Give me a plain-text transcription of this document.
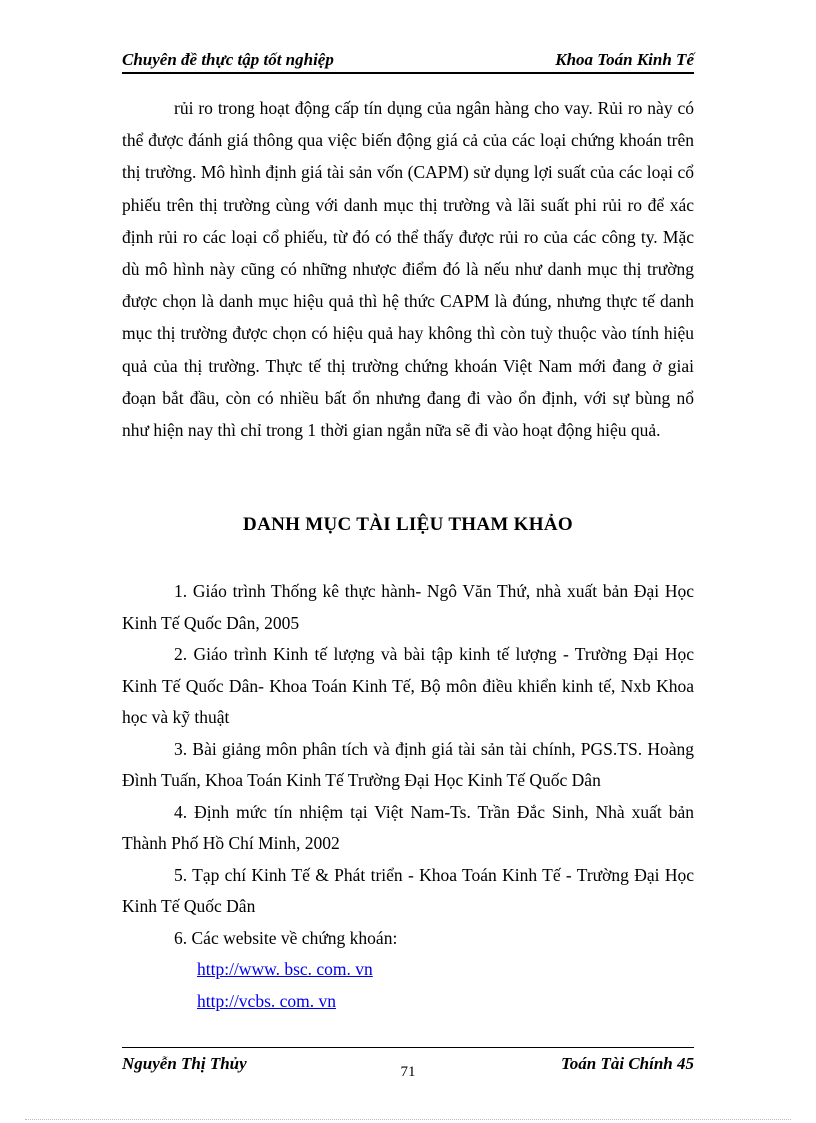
Chuyên đề thực tập tốt nghiệp	Khoa Toán Kinh Tế

rủi ro trong hoạt động cấp tín dụng của ngân hàng cho vay. Rủi ro này có thể được đánh giá thông qua việc biến động giá cả của các loại chứng khoán trên thị trường. Mô hình định giá tài sản vốn (CAPM) sử dụng lợi suất của các loại cổ phiếu trên thị trường cùng với danh mục thị trường và lãi suất phi rủi ro để xác định rủi ro các loại cổ phiếu, từ đó có thể thấy được rủi ro của các công ty. Mặc dù mô hình này cũng có những nhược điểm đó là nếu như danh mục thị trường được chọn là danh mục hiệu quả thì hệ thức CAPM là đúng, nhưng thực tế danh mục thị trường được chọn có hiệu quả hay không thì còn tuỳ thuộc vào tính hiệu quả của thị trường. Thực tế thị trường chứng khoán Việt Nam mới đang ở giai đoạn bắt đầu, còn có nhiều bất ổn nhưng đang đi vào ổn định, với sự bùng nổ như hiện nay thì chỉ trong 1 thời gian ngắn nữa sẽ đi vào hoạt động hiệu quả.

DANH MỤC TÀI LIỆU THAM KHẢO

1. Giáo trình Thống kê thực hành- Ngô Văn Thứ, nhà xuất bản Đại Học Kinh Tế Quốc Dân, 2005

2. Giáo trình Kinh tế lượng và bài tập kinh tế lượng - Trường Đại Học Kinh Tế Quốc Dân- Khoa Toán Kinh Tế, Bộ môn điều khiển kinh tế, Nxb Khoa học và kỹ thuật

3. Bài giảng môn phân tích và định giá tài sản tài chính, PGS.TS. Hoàng Đình Tuấn, Khoa Toán Kinh Tế Trường Đại Học Kinh Tế Quốc Dân

4. Định mức tín nhiệm tại Việt Nam-Ts. Trần Đắc Sinh, Nhà xuất bản Thành Phố Hồ Chí Minh, 2002

5. Tạp chí Kinh Tế & Phát triển - Khoa Toán Kinh Tế - Trường Đại Học Kinh Tế Quốc Dân

6. Các website về chứng khoán:

http://www. bsc. com. vn
http://vcbs. com. vn
Nguyễn Thị Thủy	71	Toán Tài Chính 45
